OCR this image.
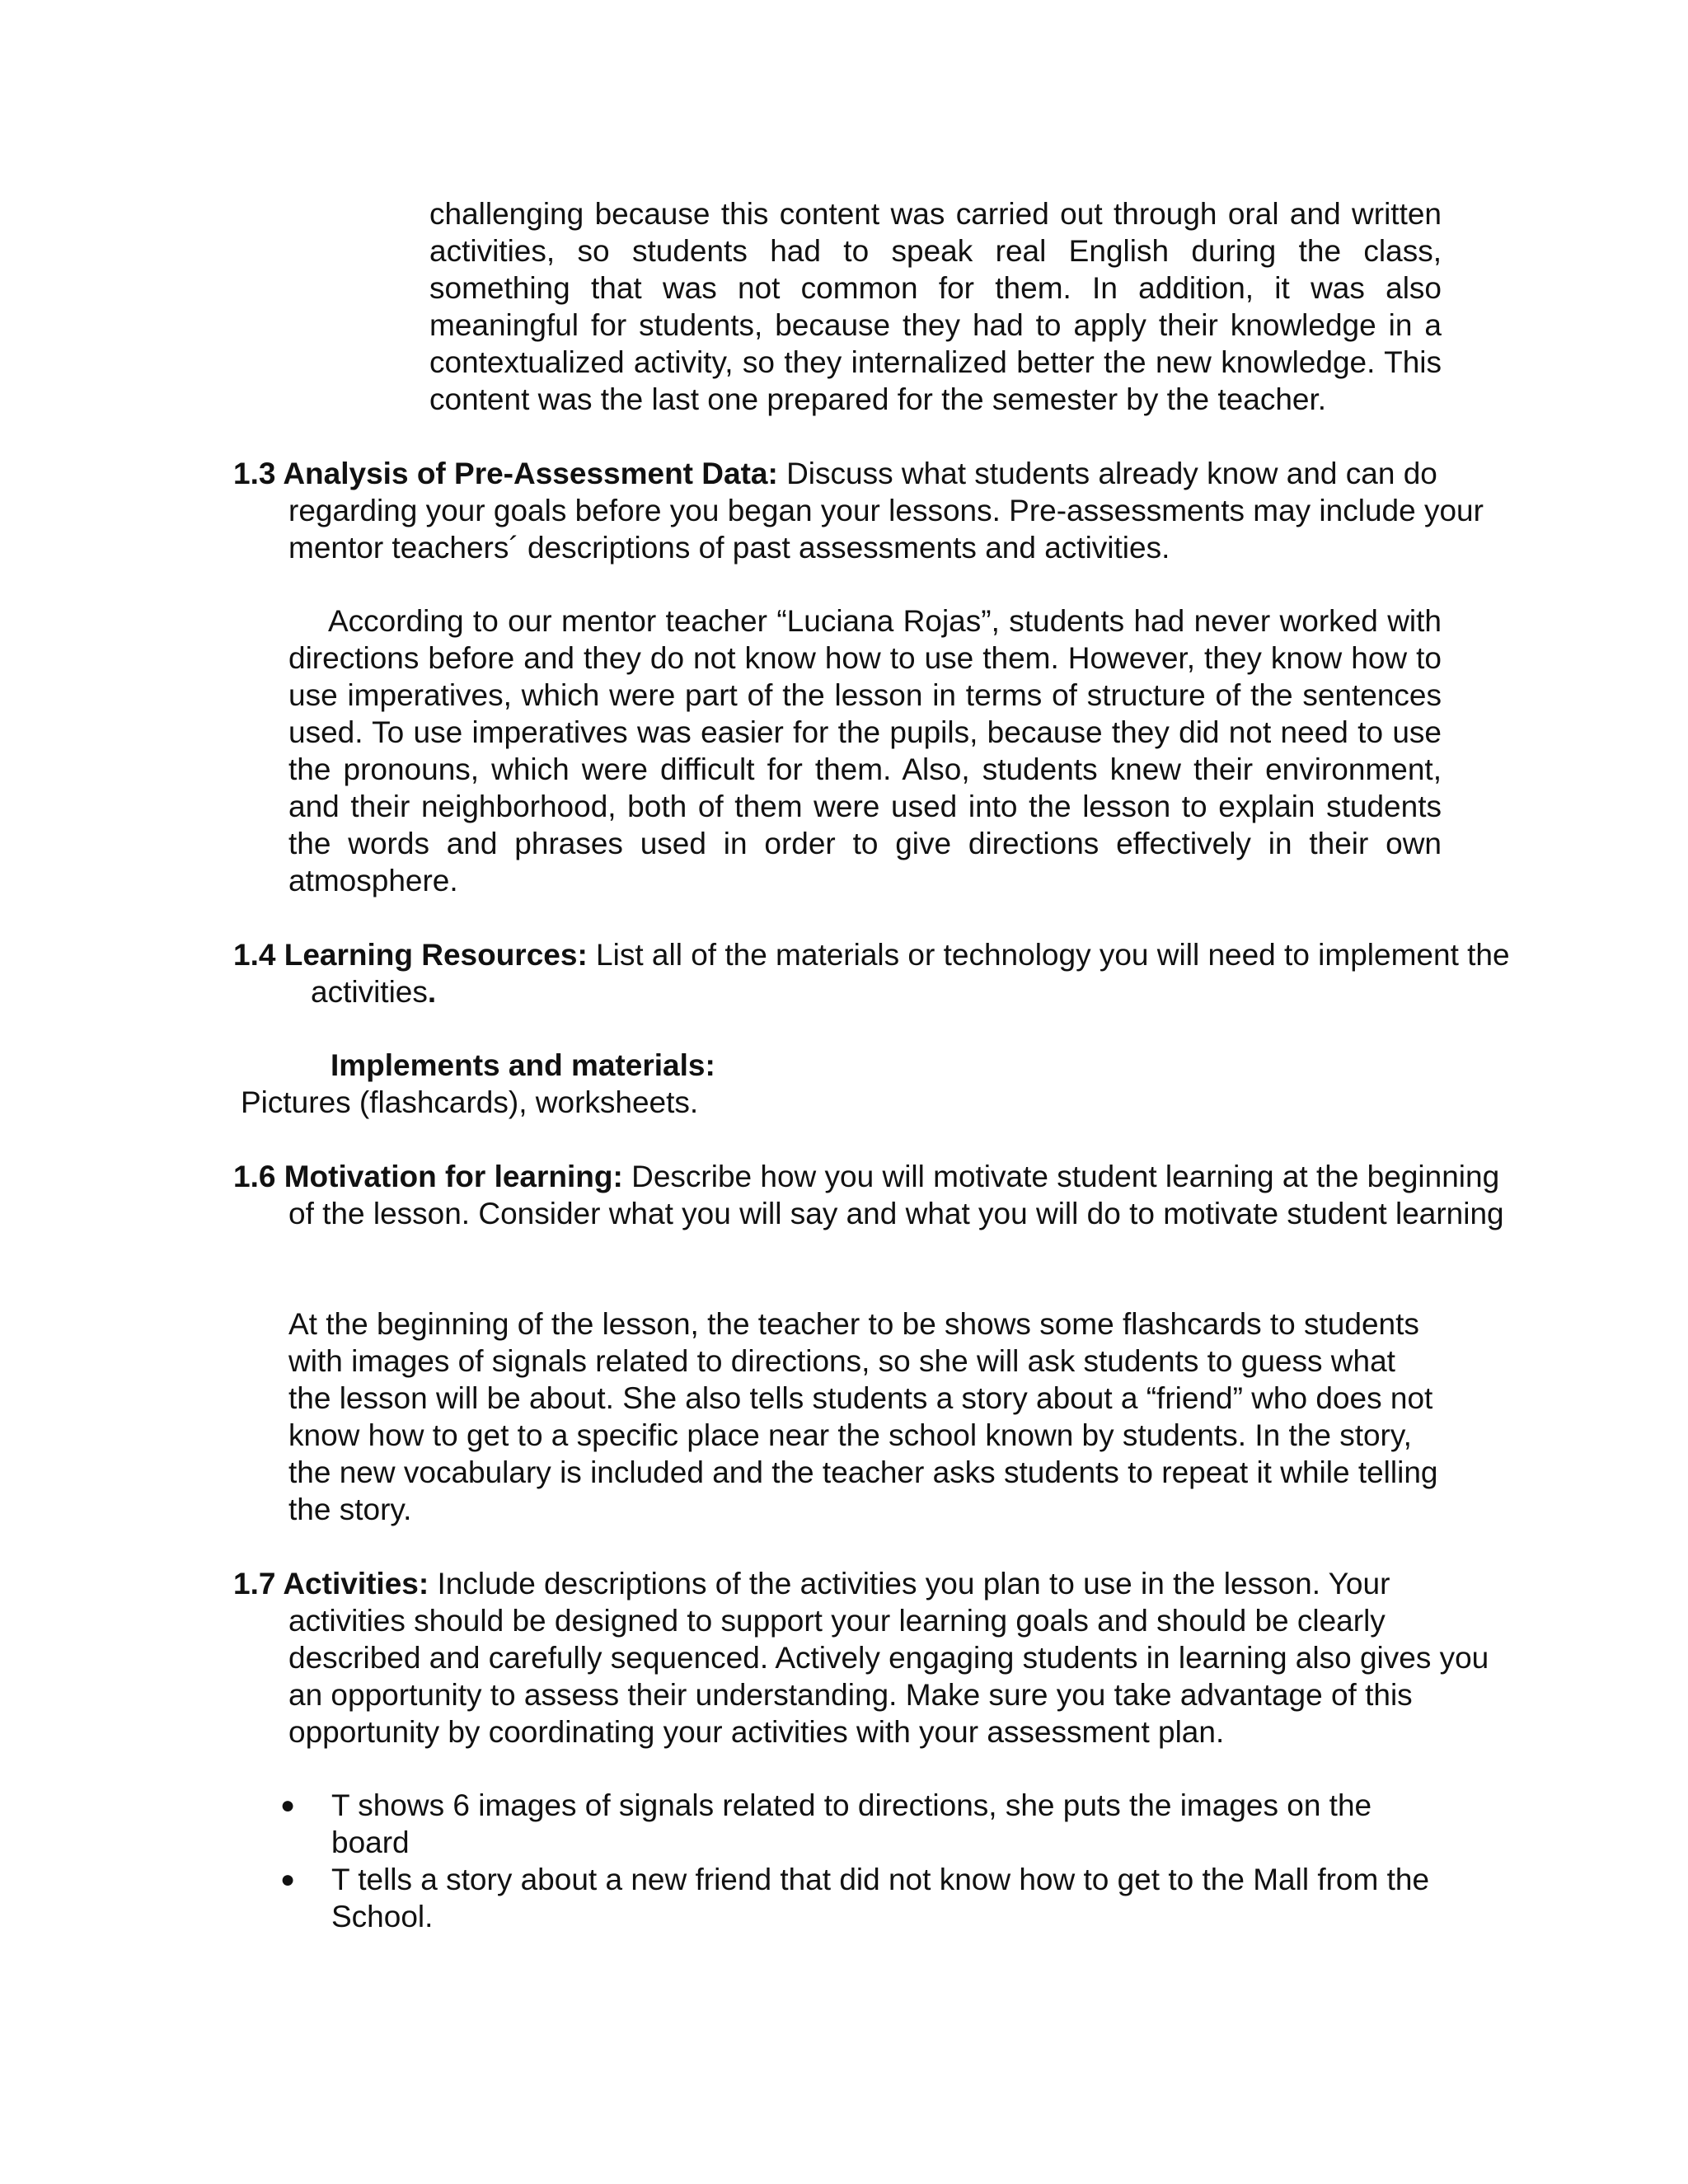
challenging because this content was carried out through oral and written activities, so students had to speak real English during the class, something that was not common for them. In addition, it was also meaningful for students, because they had to apply their knowledge in a contextualized activity, so they internalized better the new knowledge. This content was the last one prepared for the semester by the teacher.

1.3 Analysis of Pre-Assessment Data: Discuss what students already know and can do regarding your goals before you began your lessons. Pre-assessments may include your mentor teachers´ descriptions of past assessments and activities.

According to our mentor teacher “Luciana Rojas”, students had never worked with directions before and they do not know how to use them. However, they know how to use imperatives, which were part of the lesson in terms of structure of the sentences used. To use imperatives was easier for the pupils, because they did not need to use the pronouns, which were difficult for them. Also, students knew their environment, and their neighborhood, both of them were used into the lesson to explain students the words and phrases used in order to give directions effectively in their own atmosphere.

1.4 Learning Resources: List all of the materials or technology you will need to implement the activities.

Implements and materials:

Pictures (flashcards), worksheets.

1.6 Motivation for learning: Describe how you will motivate student learning at the beginning of the lesson. Consider what you will say and what you will do to motivate student learning

At the beginning of the lesson, the teacher to be shows some flashcards to students with images of signals related to directions, so she will ask students to guess what the lesson will be about. She also tells students a story about a “friend” who does not know how to get to a specific place near the school known by students. In the story, the new vocabulary is included and the teacher asks students to repeat it while telling the story.

1.7 Activities: Include descriptions of the activities you plan to use in the lesson. Your activities should be designed to support your learning goals and should be clearly described and carefully sequenced. Actively engaging students in learning also gives you an opportunity to assess their understanding. Make sure you take advantage of this opportunity by coordinating your activities with your assessment plan.

●	T shows 6 images of signals related to directions, she puts the images on the board
●	T tells a story about a new friend that did not know how to get to the Mall from the School.
